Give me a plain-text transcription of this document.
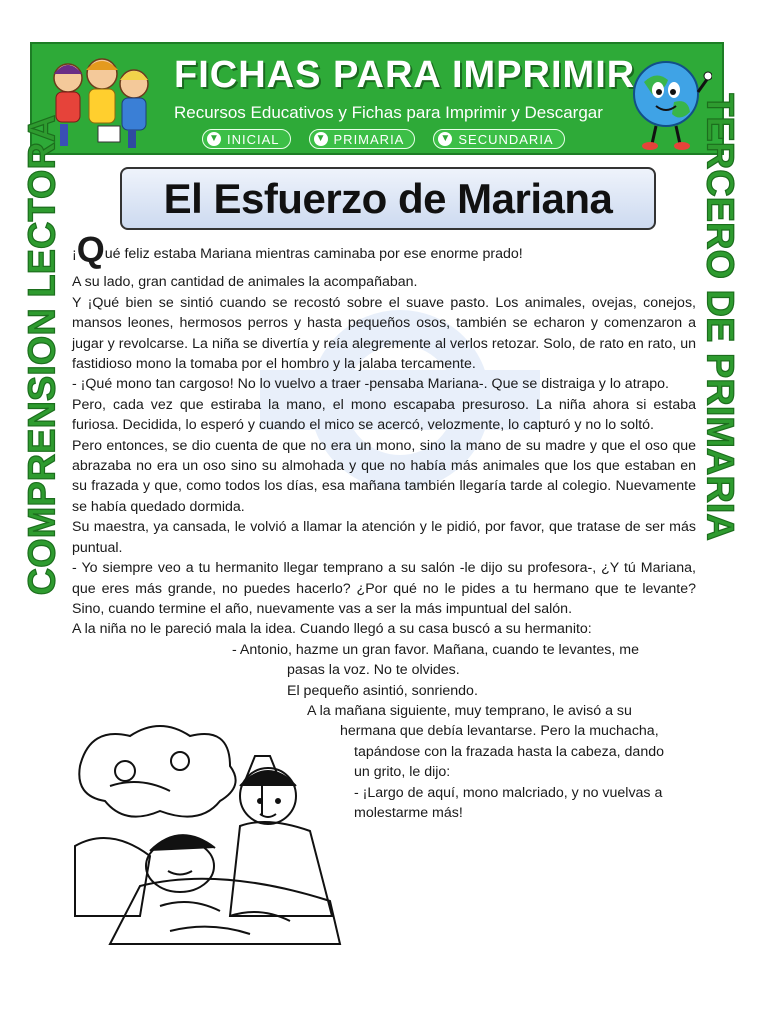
FICHAS PARA IMPRIMIR
Recursos Educativos y Fichas para Imprimir y Descargar
▼ INICIAL	▼ PRIMARIA	▼ SECUNDARIA
COMPRENSION LECTORA	TERCERO DE PRIMARIA
El Esfuerzo de Mariana

¡Qué feliz estaba Mariana mientras caminaba por ese enorme prado!

A su lado, gran cantidad de animales la acompañaban.

Y ¡Qué bien se sintió cuando se recostó sobre el suave pasto. Los animales, ovejas, conejos, mansos leones, hermosos perros y hasta pequeños osos, también se echaron y comenzaron a jugar y revolcarse. La niña se divertía y reía alegremente al verlos retozar. Solo, de rato en rato, un fastidioso mono la tomaba por el hombro y la jalaba tercamente.

- ¡Qué mono tan cargoso! No lo vuelvo a traer -pensaba Mariana-. Que se distraiga y lo atrapo.

Pero, cada vez que estiraba la mano, el mono escapaba presuroso. La niña ahora si estaba furiosa. Decidida, lo esperó y cuando el mico se acercó, velozmente, lo capturó y no lo soltó.

Pero entonces, se dio cuenta de que no era un mono, sino la mano de su madre y que el oso que abrazaba no era un oso sino su almohada y que no había más animales que los que estaban en su frazada y que, como todos los días, esa mañana también llegaría tarde al colegio. Nuevamente se había quedado dormida.

Su maestra, ya cansada, le volvió a llamar la atención y le pidió, por favor, que tratase de ser más puntual.

- Yo siempre veo a tu hermanito llegar temprano a su salón -le dijo su profesora-, ¿Y tú Mariana, que eres más grande, no puedes hacerlo? ¿Por qué no le pides a tu hermano que te levante? Sino, cuando termine el año, nuevamente vas a ser la más impuntual del salón.

A la niña no le pareció mala la idea. Cuando llegó a su casa buscó a su hermanito:

- Antonio, hazme un gran favor. Mañana, cuando te levantes, me

pasas la voz. No te olvides.

El pequeño asintió, sonriendo.

A la mañana siguiente, muy temprano, le avisó a su

hermana que debía levantarse. Pero la muchacha,

tapándose con la frazada hasta la cabeza, dando

un grito, le dijo:

- ¡Largo de aquí, mono malcriado, y no vuelvas a

molestarme más!
